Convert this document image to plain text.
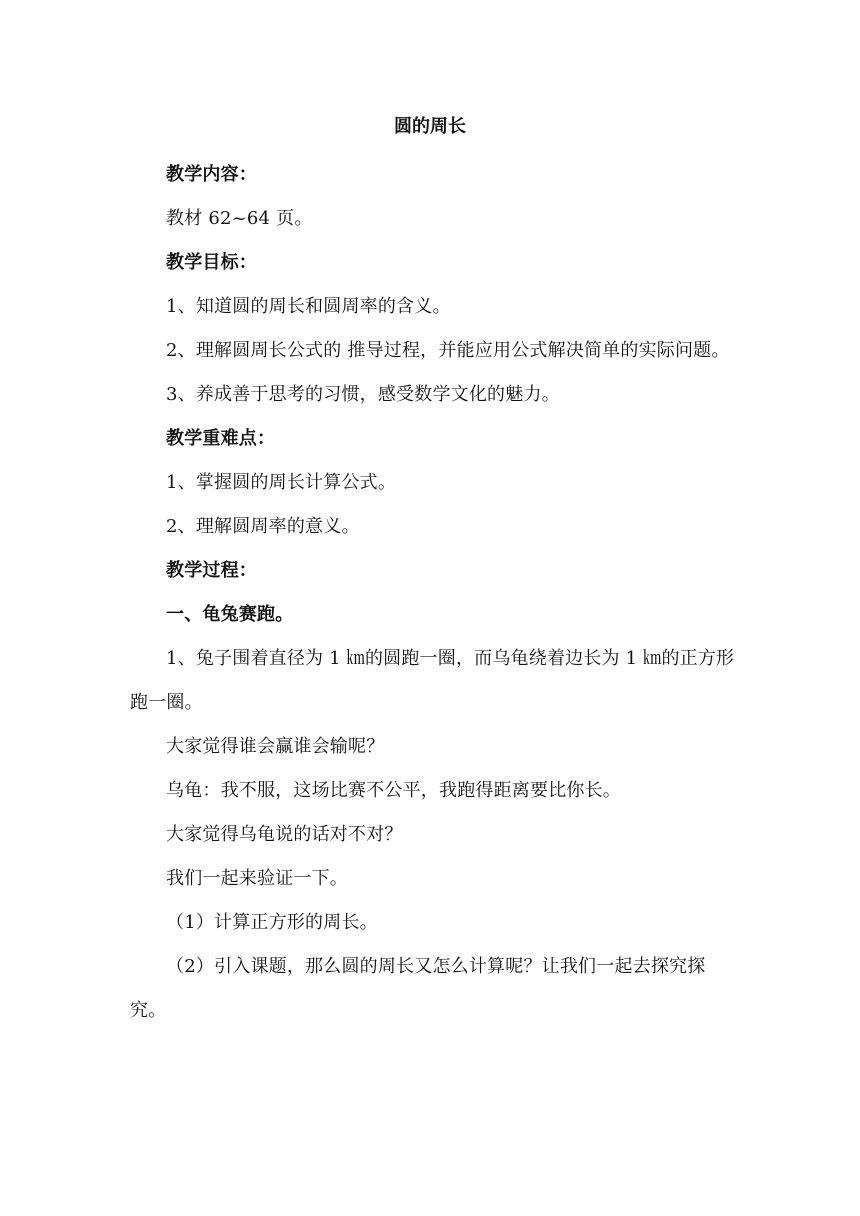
圆的周长

教学内容：

教材 62~64 页。

教学目标：

1、知道圆的周长和圆周率的含义。

2、理解圆周长公式的 推导过程，并能应用公式解决简单的实际问题。

3、养成善于思考的习惯，感受数学文化的魅力。

教学重难点：

1、掌握圆的周长计算公式。

2、理解圆周率的意义。

教学过程：

一、龟兔赛跑。

1、兔子围着直径为 1 ㎞的圆跑一圈，而乌龟绕着边长为 1 ㎞的正方形跑一圈。

大家觉得谁会赢谁会输呢？

乌龟：我不服，这场比赛不公平，我跑得距离要比你长。

大家觉得乌龟说的话对不对？

我们一起来验证一下。

（1）计算正方形的周长。

（2）引入课题，那么圆的周长又怎么计算呢？让我们一起去探究探究。
